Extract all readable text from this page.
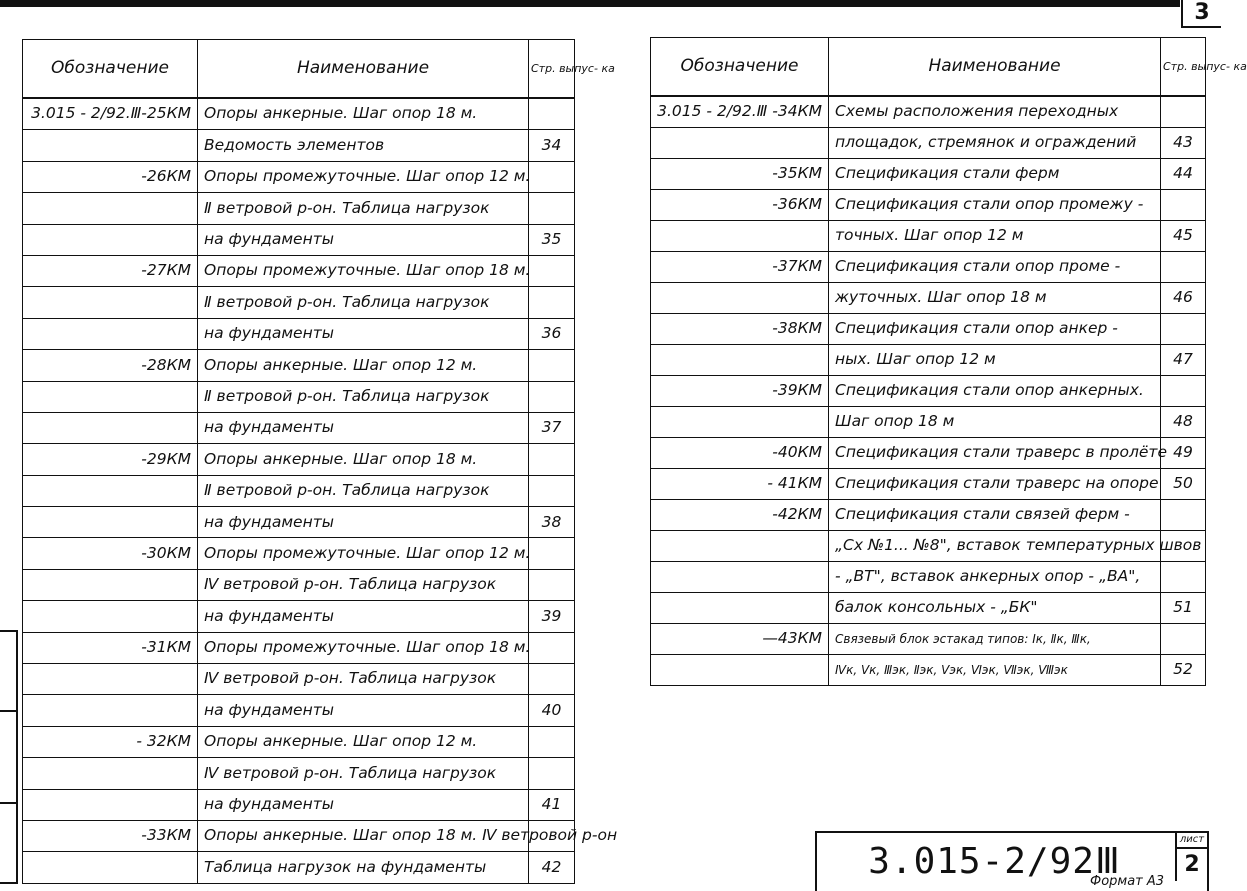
3
Обозначение	Наименование	Стр. выпус- ка
3.015 - 2/92.Ⅲ-25КМ	Опоры анкерные. Шаг опор 18 м.	
	Ведомость элементов	34
-26КМ	Опоры промежуточные. Шаг опор 12 м.	
	Ⅱ ветровой р-он. Таблица нагрузок	
	на фундаменты	35
-27КМ	Опоры промежуточные. Шаг опор 18 м.	
	Ⅱ ветровой р-он. Таблица нагрузок	
	на фундаменты	36
-28КМ	Опоры анкерные. Шаг опор 12 м.	
	Ⅱ ветровой р-он. Таблица нагрузок	
	на фундаменты	37
-29КМ	Опоры анкерные. Шаг опор 18 м.	
	Ⅱ ветровой р-он. Таблица нагрузок	
	на фундаменты	38
-30КМ	Опоры промежуточные. Шаг опор 12 м.	
	Ⅳ ветровой р-он. Таблица нагрузок	
	на фундаменты	39
-31КМ	Опоры промежуточные. Шаг опор 18 м.	
	Ⅳ ветровой р-он. Таблица нагрузок	
	на фундаменты	40
- 32КМ	Опоры анкерные. Шаг опор 12 м.	
	Ⅳ ветровой р-он. Таблица нагрузок	
	на фундаменты	41
-33КМ	Опоры анкерные. Шаг опор 18 м. Ⅳ ветровой р-он	
	Таблица нагрузок на фундаменты	42
Обозначение	Наименование	Стр. выпус- ка
3.015 - 2/92.Ⅲ -34КМ	Схемы расположения переходных	
	площадок, стремянок и ограждений	43
-35КМ	Спецификация стали ферм	44
-36КМ	Спецификация стали опор промежу -	
	точных. Шаг опор 12 м	45
-37КМ	Спецификация стали опор проме -	
	жуточных. Шаг опор 18 м	46
-38КМ	Спецификация стали опор анкер -	
	ных. Шаг опор 12 м	47
-39КМ	Спецификация стали опор анкерных.	
	Шаг опор 18 м	48
-40КМ	Спецификация стали траверс в пролёте	49
- 41КМ	Спецификация стали траверс на опоре	50
-42КМ	Спецификация стали связей ферм -	
	„Сх №1... №8", вставок температурных швов	
	- „ВТ", вставок анкерных опор - „ВА",	
	балок консольных - „БК"	51
—43КМ	Связевый блок эстакад типов: Ⅰк, Ⅱк, Ⅲк,	
	Ⅳк, Ⅴк, Ⅲэк, Ⅱэк, Ⅴэк, Ⅵэк, Ⅶэк, Ⅷэк	52
3.015-2/92Ⅲ
лист
2
Формат А3
